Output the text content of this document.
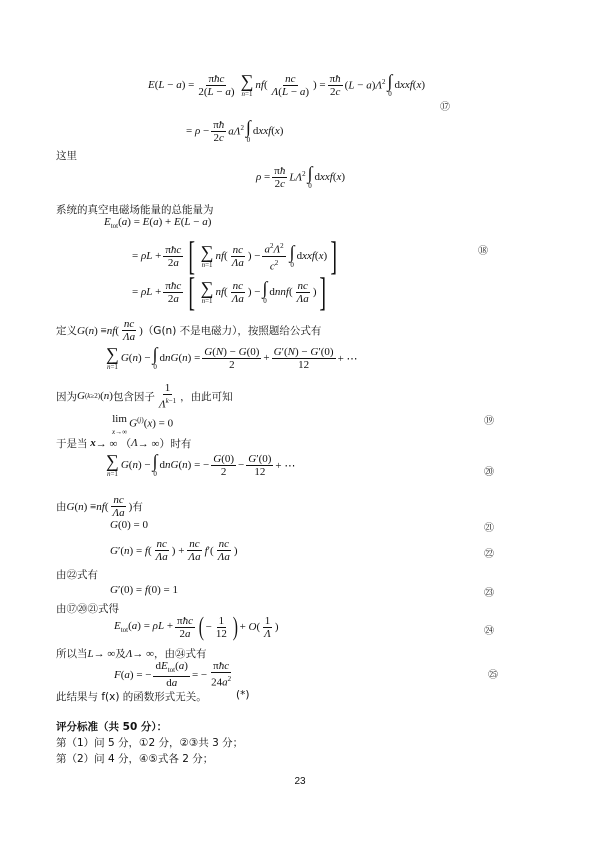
$E(L - a) = \frac{\text{πħc}}{2(L - a)}$ ∑
n=1
$nf( \frac{nc}{\Lambda(L - a)}$ ) = $\frac{\pi ħ}{2c} (L - a)\Lambda^2$ ∫
0
dxxf(x)
⑰
= $\rho - \frac{\pi ħ}{2c} a\Lambda^2$ ∫
0
dxxf(x)
这里
$\rho = \frac{\pi ħ}{2c} L\Lambda^2$ ∫
0
dxxf(x)
系统的真空电磁场能量的总能量为
$E_{tot}(a) = E(a) + E(L - a)$
= $\rho L + \frac{\text{πħc}}{2a}$ [ ∑
n=1
$nf( \frac{nc}{\Lambda a}$ ) − $\frac{a^2\Lambda^2}{c^2}$ ∫
0
dxxf(x) ]	⑱
= $\rho L + \frac{\text{πħc}}{2a}$ [ ∑
n=1
$nf( \frac{nc}{\Lambda a}$ ) − ∫
0
dnnf( $\frac{nc}{\Lambda a}$ ) ]
定义 G ( n ) ≡ nf ( $\frac{nc}{\Lambda a}$ ) （G(n) 不是电磁力），按照题给公式有
∑
n=1
G(n) − ∫
0
$dnG(n) = \frac{G(N) - G(0)}{2} + \frac{G'(N) - G'(0)}{12}$ + ⋯
因为 G (k≥2) ( n ) 包含因子 $\frac{1}{\Lambda^{k-1}}$ ，由此可知
lim
x→∞
$G^{(j)}(x) = 0$	⑲
于是当
x → ∞ （ Λ → ∞） 时有
∑
n=1
G(n) − ∫
0
dnG(n) = − $\frac{G(0)}{2} - \frac{G'(0)}{12}$ + ⋯
⑳
由 G ( n ) ≡ nf ( $\frac{nc}{\Lambda a}$ ) 有
G(0) = 0	㉑
$G'(n) = f( \frac{nc}{\Lambda a}$ ) + $\frac{nc}{\Lambda a} f'( \frac{nc}{\Lambda a}$ )	㉒
由㉒式有
G′(0) = f(0) = 1	㉓
由⑰⑳㉑式得
$E_{tot}(a) = \rho L + \frac{\text{πħc}}{2a}$ ( − $\frac{1}{12}$ ) + $O( \frac{1}{\Lambda}$ )	㉔
所以当 L → ∞ 及 Λ → ∞ ，由㉔式有
F(a) = − $\frac{dE_{tot}(a)}{da}$ = − $\frac{\text{πħc}}{24a^2}$	㉕
此结果与 f(x) 的函数形式无关。	(*)
评分标准（共 50 分）：
第（1）问 5 分，①2 分，②③共 3 分；
第（2）问 4 分，④⑤式各 2 分；
23
